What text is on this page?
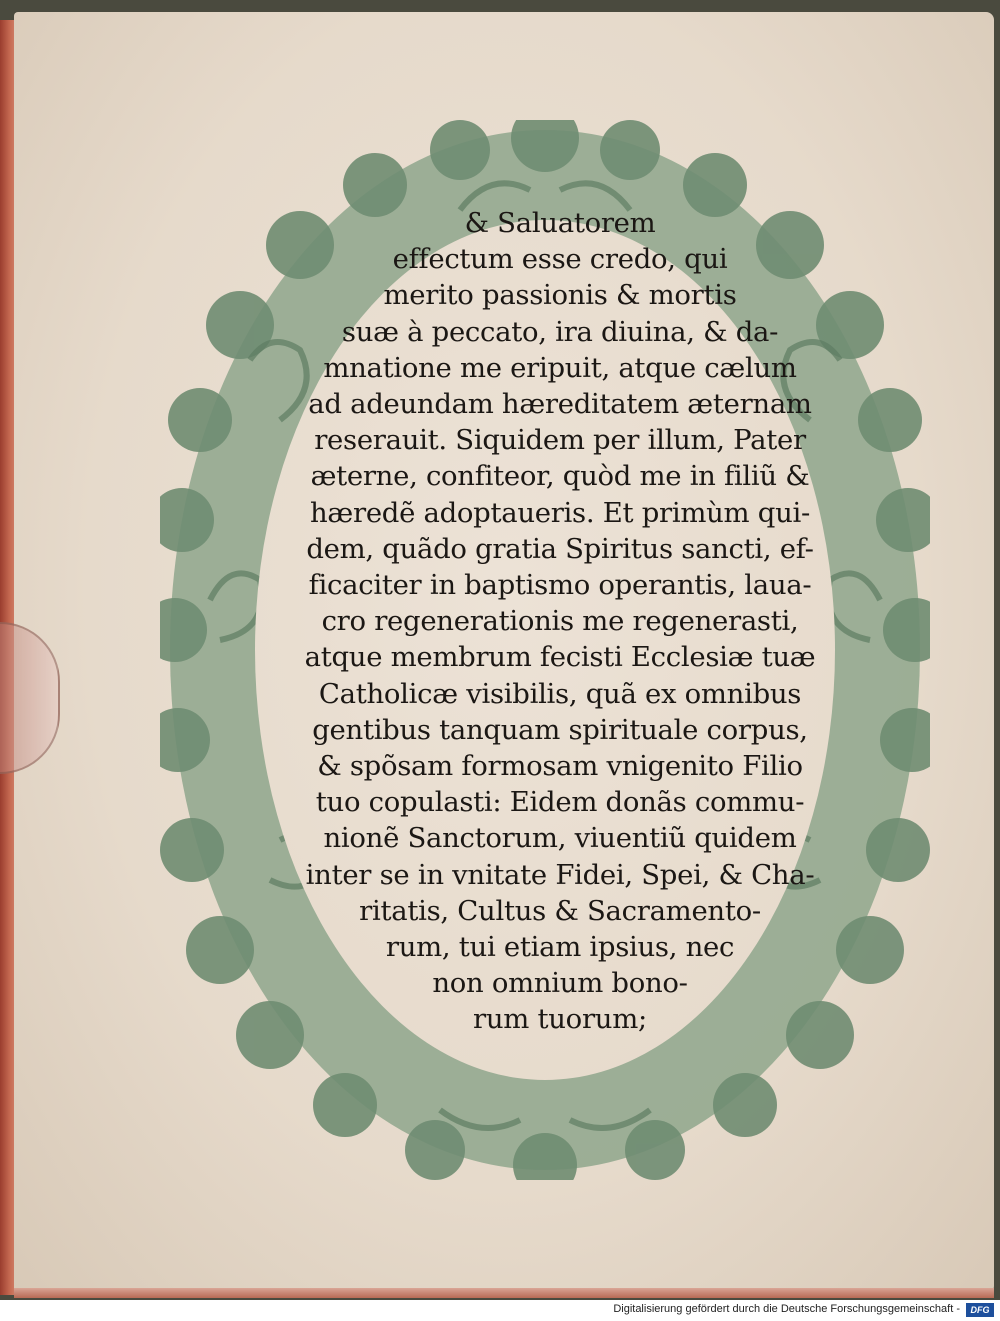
& Saluatorem
effectum esse credo, qui
merito passionis & mortis
suæ à peccato, ira diuina, & da-
mnatione me eripuit, atque cælum
ad adeundam hæreditatem æternam
reserauit. Siquidem per illum, Pater
æterne, confiteor, quòd me in filiũ &
hæredẽ adoptaueris. Et primùm qui-
dem, quãdo gratia Spiritus sancti, ef-
ficaciter in baptismo operantis, laua-
cro regenerationis me regenerasti,
atque membrum fecisti Ecclesiæ tuæ
Catholicæ visibilis, quã ex omnibus
gentibus tanquam spirituale corpus,
& spõsam formosam vnigenito Filio
tuo copulasti: Eidem donãs commu-
nionẽ Sanctorum, viuentiũ quidem
inter se in vnitate Fidei, Spei, & Cha-
ritatis, Cultus & Sacramento-
rum, tui etiam ipsius, nec
non omnium bono-
rum tuorum;
Digitalisierung gefördert durch die Deutsche Forschungsgemeinschaft -	DFG
